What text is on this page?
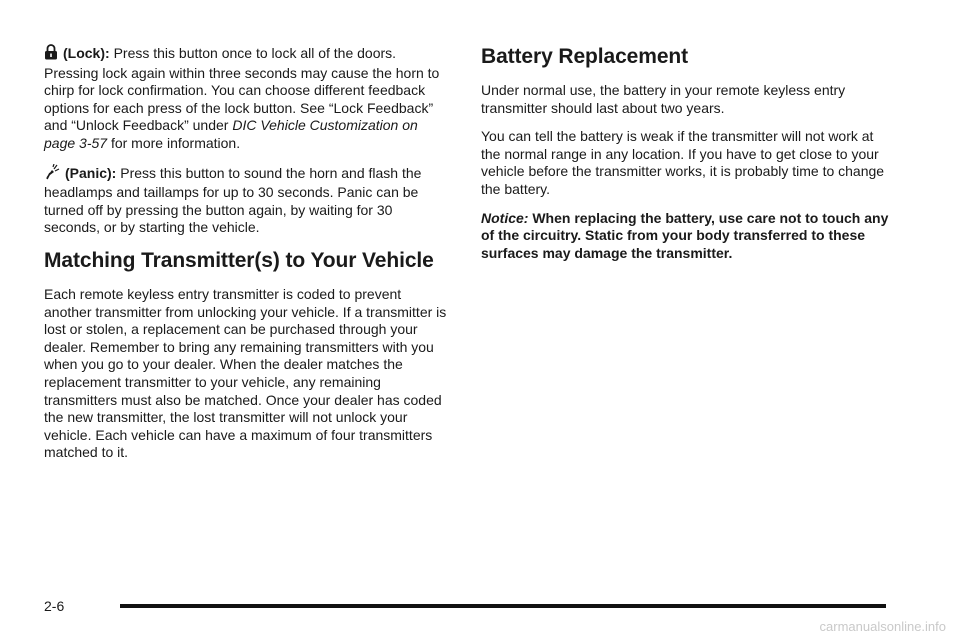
(Lock): Press this button once to lock all of the doors. Pressing lock again within three seconds may cause the horn to chirp for lock confirmation. You can choose different feedback options for each press of the lock button. See “Lock Feedback” and “Unlock Feedback” under DIC Vehicle Customization on page 3-57 for more information.

(Panic): Press this button to sound the horn and flash the headlamps and taillamps for up to 30 seconds. Panic can be turned off by pressing the button again, by waiting for 30 seconds, or by starting the vehicle.

Matching Transmitter(s) to Your Vehicle

Each remote keyless entry transmitter is coded to prevent another transmitter from unlocking your vehicle. If a transmitter is lost or stolen, a replacement can be purchased through your dealer. Remember to bring any remaining transmitters with you when you go to your dealer. When the dealer matches the replacement transmitter to your vehicle, any remaining transmitters must also be matched. Once your dealer has coded the new transmitter, the lost transmitter will not unlock your vehicle. Each vehicle can have a maximum of four transmitters matched to it.

Battery Replacement

Under normal use, the battery in your remote keyless entry transmitter should last about two years.

You can tell the battery is weak if the transmitter will not work at the normal range in any location. If you have to get close to your vehicle before the transmitter works, it is probably time to change the battery.

Notice: When replacing the battery, use care not to touch any of the circuitry. Static from your body transferred to these surfaces may damage the transmitter.

2-6
carmanualsonline.info
